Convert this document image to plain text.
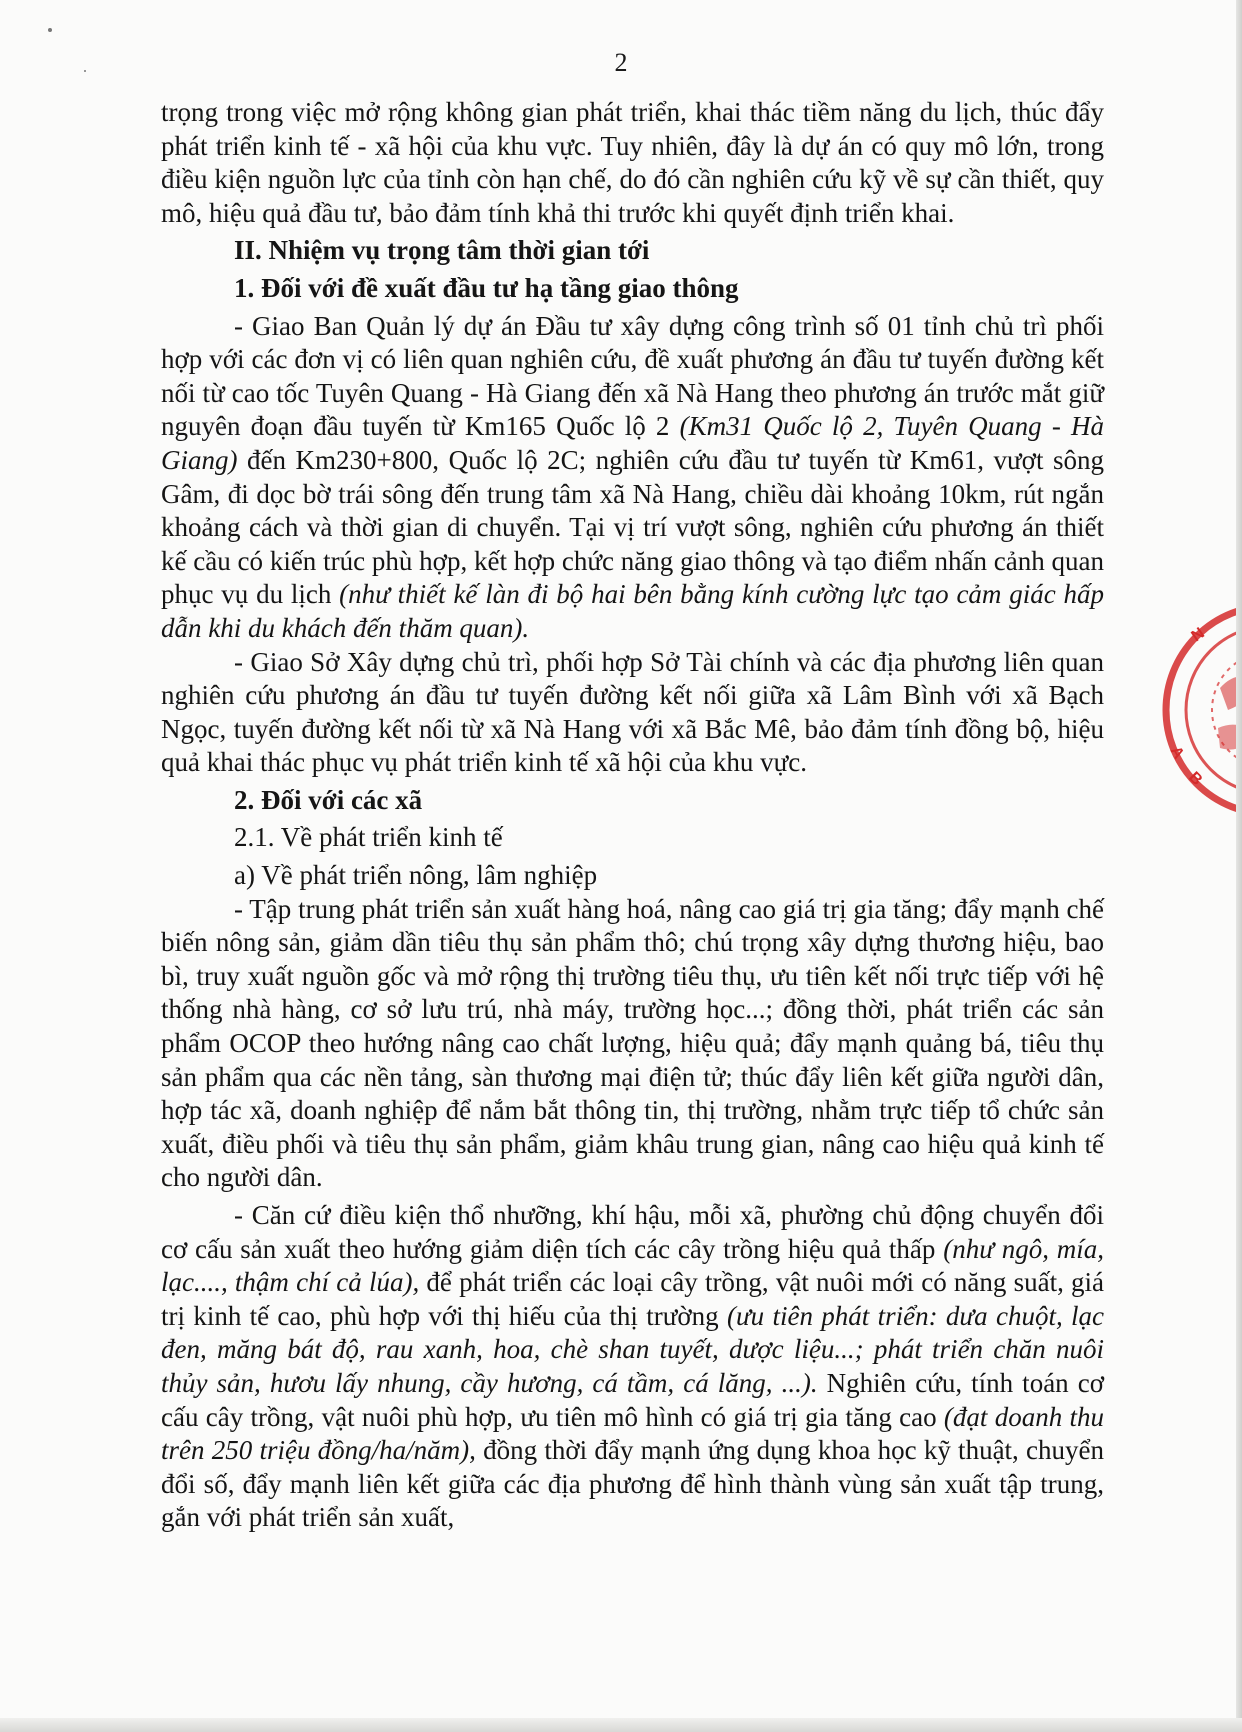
2

trọng trong việc mở rộng không gian phát triển, khai thác tiềm năng du lịch, thúc đẩy phát triển kinh tế - xã hội của khu vực. Tuy nhiên, đây là dự án có quy mô lớn, trong điều kiện nguồn lực của tỉnh còn hạn chế, do đó cần nghiên cứu kỹ về sự cần thiết, quy mô, hiệu quả đầu tư, bảo đảm tính khả thi trước khi quyết định triển khai.

II. Nhiệm vụ trọng tâm thời gian tới

1. Đối với đề xuất đầu tư hạ tầng giao thông

- Giao Ban Quản lý dự án Đầu tư xây dựng công trình số 01 tỉnh chủ trì phối hợp với các đơn vị có liên quan nghiên cứu, đề xuất phương án đầu tư tuyến đường kết nối từ cao tốc Tuyên Quang - Hà Giang đến xã Nà Hang theo phương án trước mắt giữ nguyên đoạn đầu tuyến từ Km165 Quốc lộ 2 (Km31 Quốc lộ 2, Tuyên Quang - Hà Giang) đến Km230+800, Quốc lộ 2C; nghiên cứu đầu tư tuyến từ Km61, vượt sông Gâm, đi dọc bờ trái sông đến trung tâm xã Nà Hang, chiều dài khoảng 10km, rút ngắn khoảng cách và thời gian di chuyển. Tại vị trí vượt sông, nghiên cứu phương án thiết kế cầu có kiến trúc phù hợp, kết hợp chức năng giao thông và tạo điểm nhấn cảnh quan phục vụ du lịch (như thiết kế làn đi bộ hai bên bằng kính cường lực tạo cảm giác hấp dẫn khi du khách đến thăm quan).

- Giao Sở Xây dựng chủ trì, phối hợp Sở Tài chính và các địa phương liên quan nghiên cứu phương án đầu tư tuyến đường kết nối giữa xã Lâm Bình với xã Bạch Ngọc, tuyến đường kết nối từ xã Nà Hang với xã Bắc Mê, bảo đảm tính đồng bộ, hiệu quả khai thác phục vụ phát triển kinh tế xã hội của khu vực.

2. Đối với các xã

2.1. Về phát triển kinh tế

a) Về phát triển nông, lâm nghiệp

- Tập trung phát triển sản xuất hàng hoá, nâng cao giá trị gia tăng; đẩy mạnh chế biến nông sản, giảm dần tiêu thụ sản phẩm thô; chú trọng xây dựng thương hiệu, bao bì, truy xuất nguồn gốc và mở rộng thị trường tiêu thụ, ưu tiên kết nối trực tiếp với hệ thống nhà hàng, cơ sở lưu trú, nhà máy, trường học...; đồng thời, phát triển các sản phẩm OCOP theo hướng nâng cao chất lượng, hiệu quả; đẩy mạnh quảng bá, tiêu thụ sản phẩm qua các nền tảng, sàn thương mại điện tử; thúc đẩy liên kết giữa người dân, hợp tác xã, doanh nghiệp để nắm bắt thông tin, thị trường, nhằm trực tiếp tổ chức sản xuất, điều phối và tiêu thụ sản phẩm, giảm khâu trung gian, nâng cao hiệu quả kinh tế cho người dân.

- Căn cứ điều kiện thổ nhưỡng, khí hậu, mỗi xã, phường chủ động chuyển đổi cơ cấu sản xuất theo hướng giảm diện tích các cây trồng hiệu quả thấp (như ngô, mía, lạc...., thậm chí cả lúa), để phát triển các loại cây trồng, vật nuôi mới có năng suất, giá trị kinh tế cao, phù hợp với thị hiếu của thị trường (ưu tiên phát triển: dưa chuột, lạc đen, măng bát độ, rau xanh, hoa, chè shan tuyết, dược liệu...; phát triển chăn nuôi thủy sản, hươu lấy nhung, cầy hương, cá tầm, cá lăng, ...). Nghiên cứu, tính toán cơ cấu cây trồng, vật nuôi phù hợp, ưu tiên mô hình có giá trị gia tăng cao (đạt doanh thu trên 250 triệu đồng/ha/năm), đồng thời đẩy mạnh ứng dụng khoa học kỹ thuật, chuyển đổi số, đẩy mạnh liên kết giữa các địa phương để hình thành vùng sản xuất tập trung, gắn với phát triển sản xuất,

N
A
B
